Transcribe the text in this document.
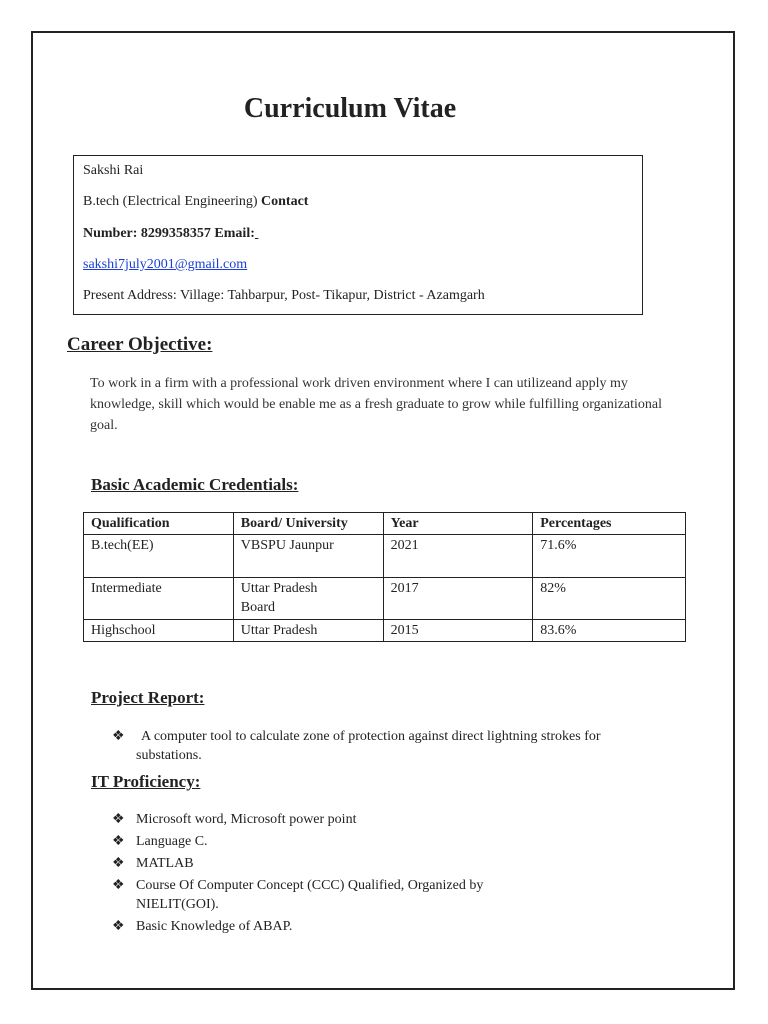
Curriculum Vitae
Sakshi Rai
B.tech (Electrical Engineering) Contact
Number: 8299358357 Email:
sakshi7july2001@gmail.com
Present Address: Village: Tahbarpur, Post- Tikapur, District - Azamgarh
Career Objective:
To work in a firm with a professional work driven environment where I can utilizeand apply my knowledge, skill which would be enable me as a fresh graduate to grow while fulfilling organizational goal.
Basic Academic Credentials:
Qualification	Board/ University	Year	Percentages
B.tech(EE)	VBSPU Jaunpur	2021	71.6%
Intermediate	Uttar Pradesh Board	2017	82%
Highschool	Uttar Pradesh	2015	83.6%
Project Report:
❖ A computer tool to calculate zone of protection against direct lightning strokes for substations.
IT Proficiency:
❖ Microsoft word, Microsoft power point
❖ Language C.
❖ MATLAB
❖ Course Of Computer Concept (CCC) Qualified, Organized by NIELIT(GOI).
❖ Basic Knowledge of ABAP.
